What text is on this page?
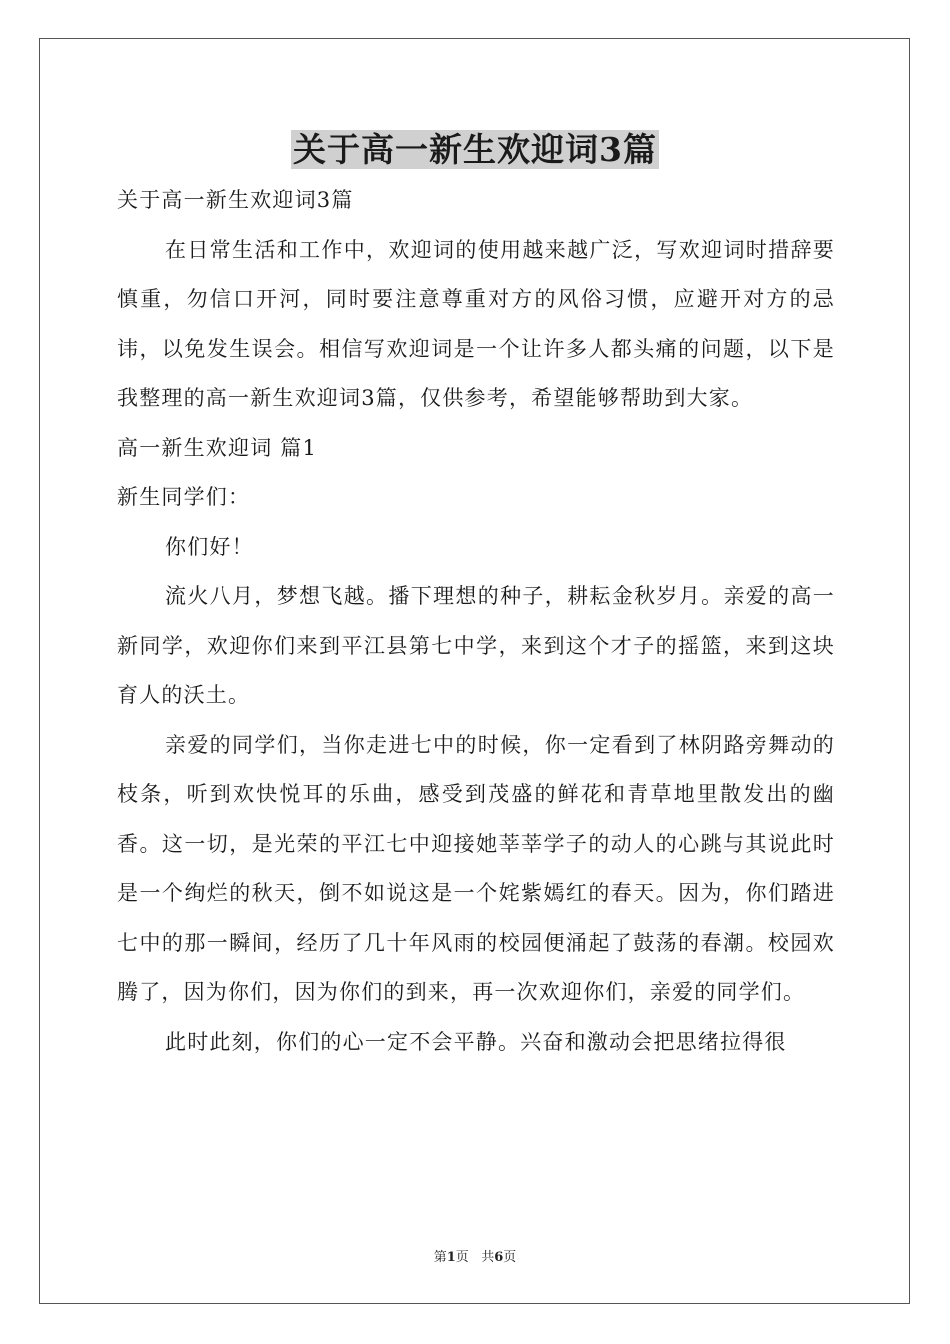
关于高一新生欢迎词3篇

关于高一新生欢迎词3篇

在日常生活和工作中，欢迎词的使用越来越广泛，写欢迎词时措辞要慎重，勿信口开河，同时要注意尊重对方的风俗习惯，应避开对方的忌讳，以免发生误会。相信写欢迎词是一个让许多人都头痛的问题，以下是我整理的高一新生欢迎词3篇，仅供参考，希望能够帮助到大家。

高一新生欢迎词 篇1

新生同学们：

你们好！

流火八月，梦想飞越。播下理想的种子，耕耘金秋岁月。亲爱的高一新同学，欢迎你们来到平江县第七中学，来到这个才子的摇篮，来到这块育人的沃土。

亲爱的同学们，当你走进七中的时候，你一定看到了林阴路旁舞动的枝条，听到欢快悦耳的乐曲，感受到茂盛的鲜花和青草地里散发出的幽香。这一切，是光荣的平江七中迎接她莘莘学子的动人的心跳与其说此时是一个绚烂的秋天，倒不如说这是一个姹紫嫣红的春天。因为，你们踏进七中的那一瞬间，经历了几十年风雨的校园便涌起了鼓荡的春潮。校园欢腾了，因为你们，因为你们的到来，再一次欢迎你们，亲爱的同学们。

此时此刻，你们的心一定不会平静。兴奋和激动会把思绪拉得很

第1页 共6页
